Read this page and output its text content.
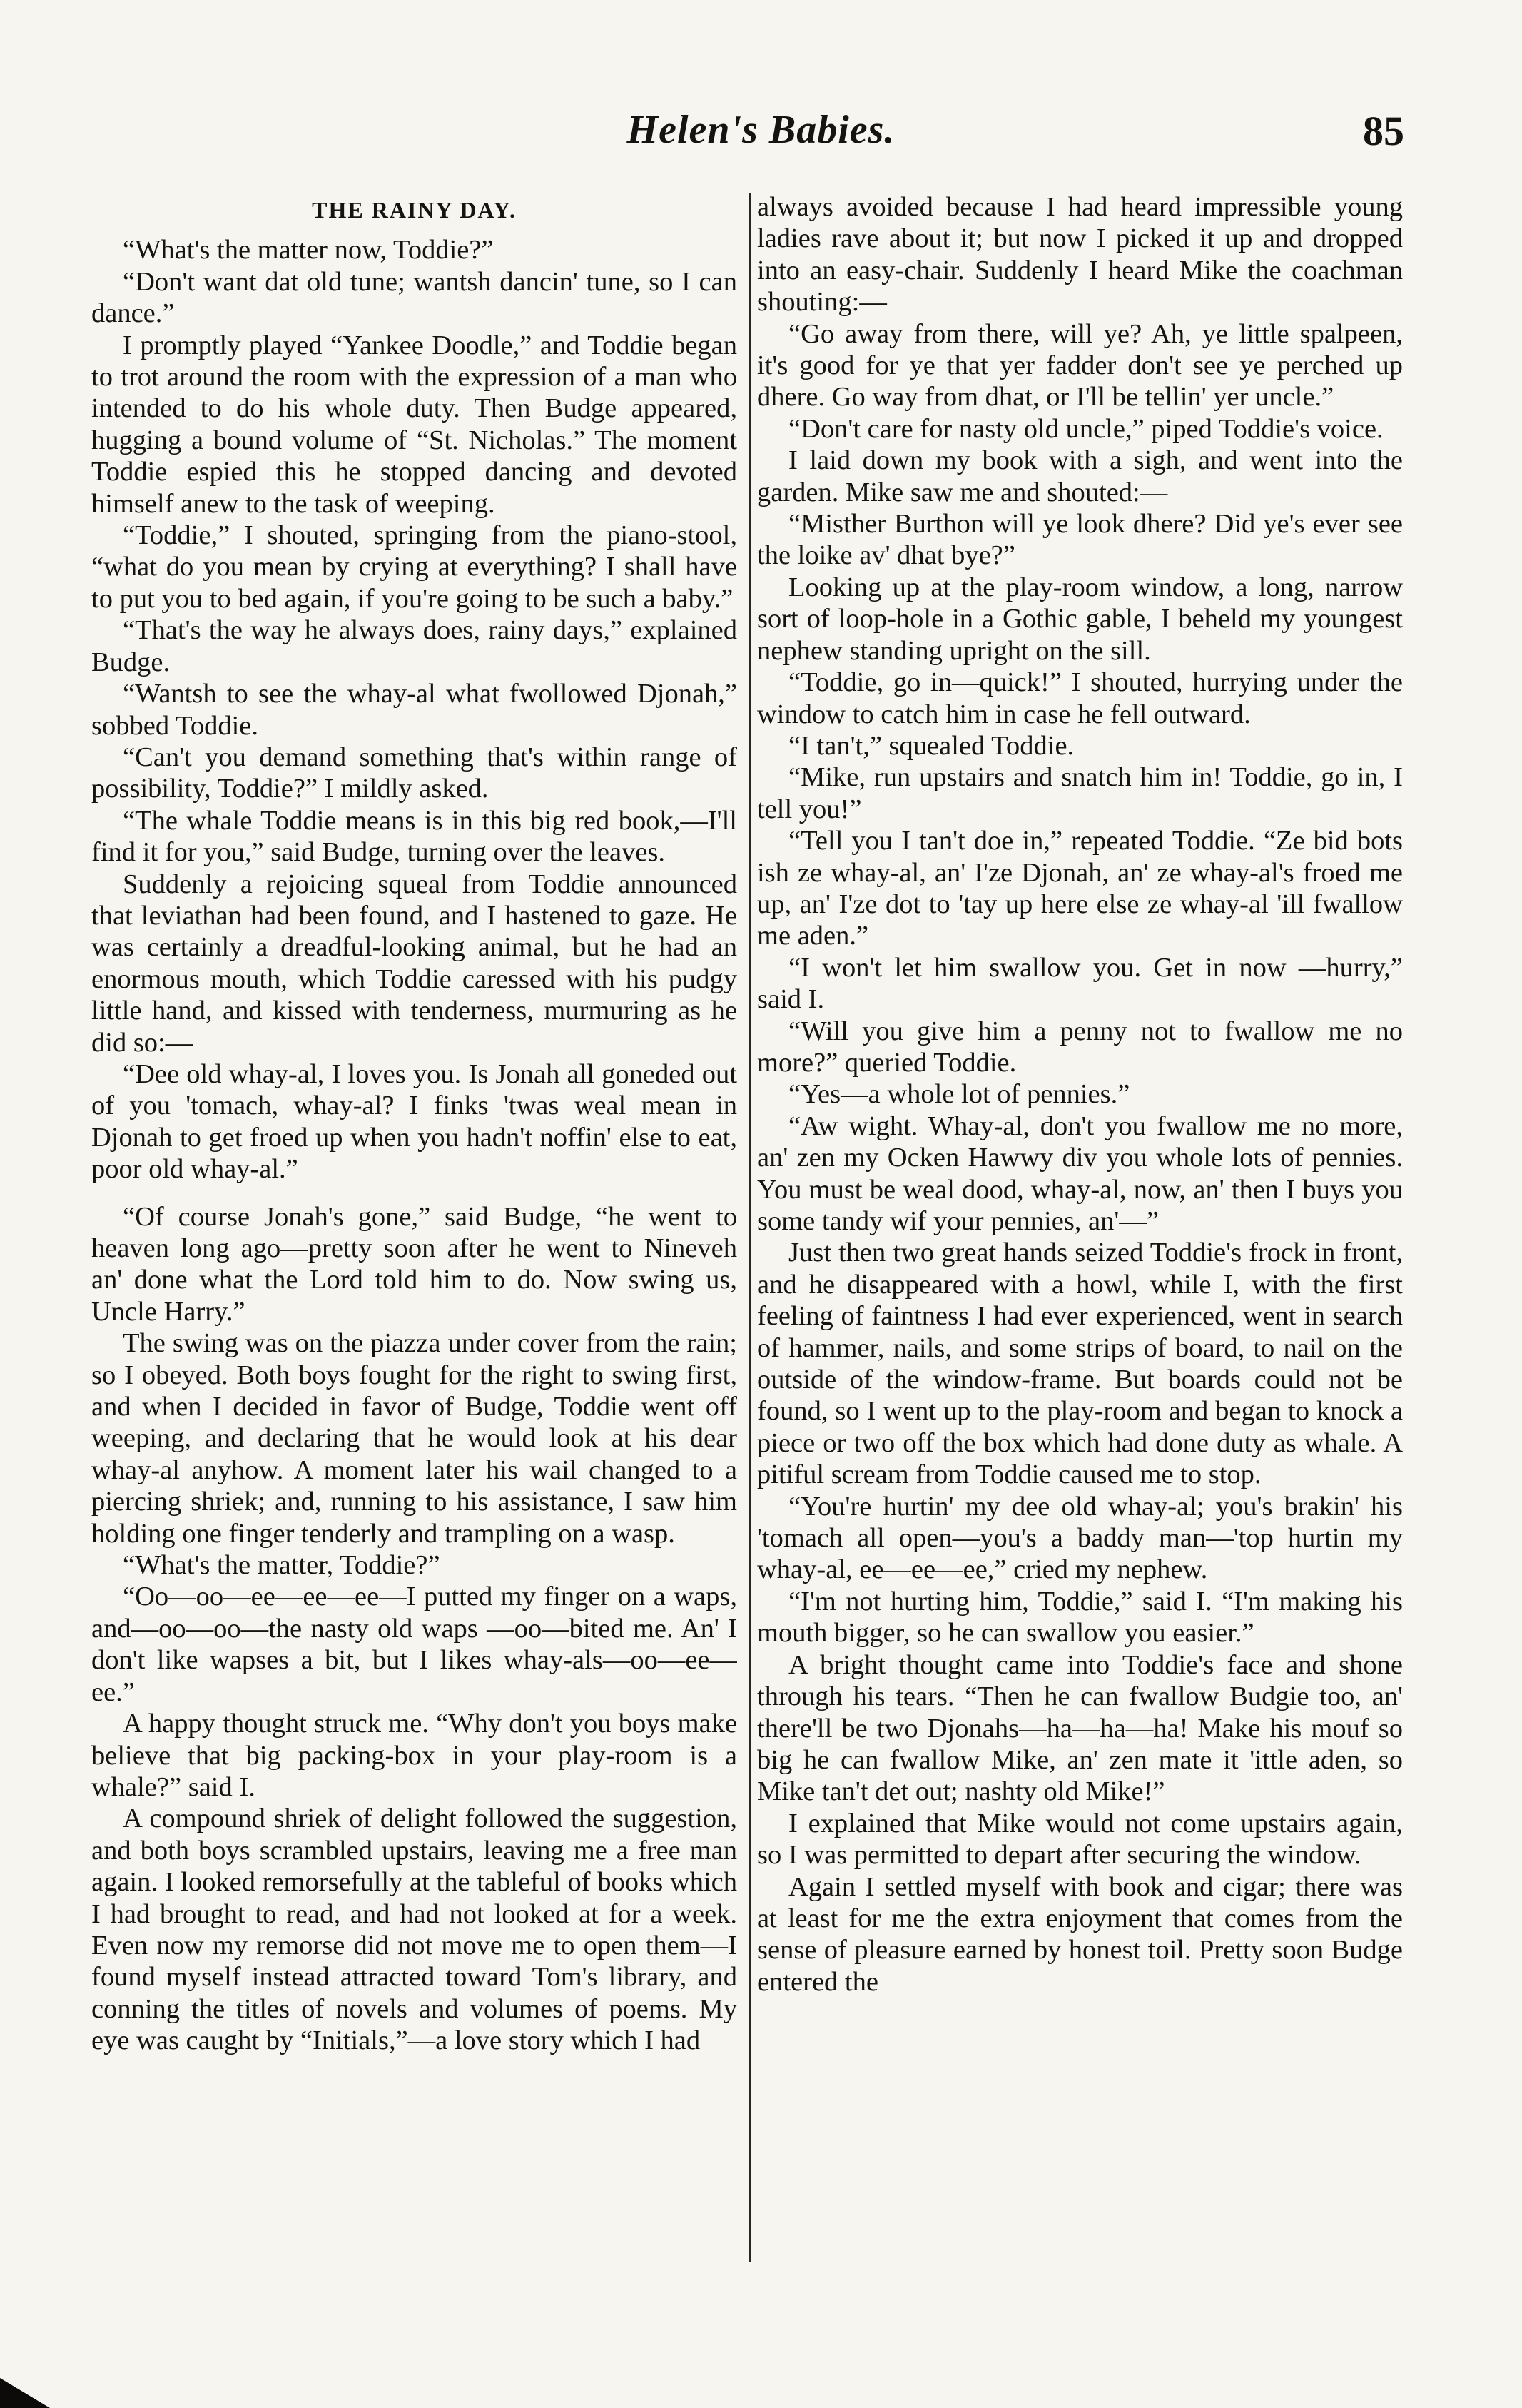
Helen's Babies.	85
THE RAINY DAY.

“What's the matter now, Toddie?”

“Don't want dat old tune; wantsh dancin' tune, so I can dance.”

I promptly played “Yankee Doodle,” and Toddie began to trot around the room with the expression of a man who intended to do his whole duty. Then Budge appeared, hugging a bound volume of “St. Nicholas.” The moment Toddie espied this he stopped dancing and devoted himself anew to the task of weeping.

“Toddie,” I shouted, springing from the piano-stool, “what do you mean by crying at everything? I shall have to put you to bed again, if you're going to be such a baby.”

“That's the way he always does, rainy days,” explained Budge.

“Wantsh to see the whay-al what fwollowed Djonah,” sobbed Toddie.

“Can't you demand something that's within range of possibility, Toddie?” I mildly asked.

“The whale Toddie means is in this big red book,—I'll find it for you,” said Budge, turning over the leaves.

Suddenly a rejoicing squeal from Toddie announced that leviathan had been found, and I hastened to gaze. He was certainly a dreadful-looking animal, but he had an enormous mouth, which Toddie caressed with his pudgy little hand, and kissed with tenderness, murmuring as he did so:—

“Dee old whay-al, I loves you. Is Jonah all goneded out of you 'tomach, whay-al? I finks 'twas weal mean in Djonah to get froed up when you hadn't noffin' else to eat, poor old whay-al.”

“Of course Jonah's gone,” said Budge, “he went to heaven long ago—pretty soon after he went to Nineveh an' done what the Lord told him to do. Now swing us, Uncle Harry.”

The swing was on the piazza under cover from the rain; so I obeyed. Both boys fought for the right to swing first, and when I decided in favor of Budge, Toddie went off weeping, and declaring that he would look at his dear whay-al anyhow. A moment later his wail changed to a piercing shriek; and, running to his assistance, I saw him holding one finger tenderly and trampling on a wasp.

“What's the matter, Toddie?”

“Oo—oo—ee—ee—ee—I putted my finger on a waps, and—oo—oo—the nasty old waps —oo—bited me. An' I don't like wapses a bit, but I likes whay-als—oo—ee—ee.”

A happy thought struck me. “Why don't you boys make believe that big packing-box in your play-room is a whale?” said I.

A compound shriek of delight followed the suggestion, and both boys scrambled upstairs, leaving me a free man again. I looked remorsefully at the tableful of books which I had brought to read, and had not looked at for a week. Even now my remorse did not move me to open them—I found myself instead attracted toward Tom's library, and conning the titles of novels and volumes of poems. My eye was caught by “Initials,”—a love story which I had

always avoided because I had heard impressible young ladies rave about it; but now I picked it up and dropped into an easy-chair. Suddenly I heard Mike the coachman shouting:—

“Go away from there, will ye? Ah, ye little spalpeen, it's good for ye that yer fadder don't see ye perched up dhere. Go way from dhat, or I'll be tellin' yer uncle.”

“Don't care for nasty old uncle,” piped Toddie's voice.

I laid down my book with a sigh, and went into the garden. Mike saw me and shouted:—

“Misther Burthon will ye look dhere? Did ye's ever see the loike av' dhat bye?”

Looking up at the play-room window, a long, narrow sort of loop-hole in a Gothic gable, I beheld my youngest nephew standing upright on the sill.

“Toddie, go in—quick!” I shouted, hurrying under the window to catch him in case he fell outward.

“I tan't,” squealed Toddie.

“Mike, run upstairs and snatch him in! Toddie, go in, I tell you!”

“Tell you I tan't doe in,” repeated Toddie. “Ze bid bots ish ze whay-al, an' I'ze Djonah, an' ze whay-al's froed me up, an' I'ze dot to 'tay up here else ze whay-al 'ill fwallow me aden.”

“I won't let him swallow you. Get in now —hurry,” said I.

“Will you give him a penny not to fwallow me no more?” queried Toddie.

“Yes—a whole lot of pennies.”

“Aw wight. Whay-al, don't you fwallow me no more, an' zen my Ocken Hawwy div you whole lots of pennies. You must be weal dood, whay-al, now, an' then I buys you some tandy wif your pennies, an'—”

Just then two great hands seized Toddie's frock in front, and he disappeared with a howl, while I, with the first feeling of faintness I had ever experienced, went in search of hammer, nails, and some strips of board, to nail on the outside of the window-frame. But boards could not be found, so I went up to the play-room and began to knock a piece or two off the box which had done duty as whale. A pitiful scream from Toddie caused me to stop.

“You're hurtin' my dee old whay-al; you's brakin' his 'tomach all open—you's a baddy man—'top hurtin my whay-al, ee—ee—ee,” cried my nephew.

“I'm not hurting him, Toddie,” said I. “I'm making his mouth bigger, so he can swallow you easier.”

A bright thought came into Toddie's face and shone through his tears. “Then he can fwallow Budgie too, an' there'll be two Djonahs—ha—ha—ha! Make his mouf so big he can fwallow Mike, an' zen mate it 'ittle aden, so Mike tan't det out; nashty old Mike!”

I explained that Mike would not come upstairs again, so I was permitted to depart after securing the window.

Again I settled myself with book and cigar; there was at least for me the extra enjoyment that comes from the sense of pleasure earned by honest toil. Pretty soon Budge entered the
